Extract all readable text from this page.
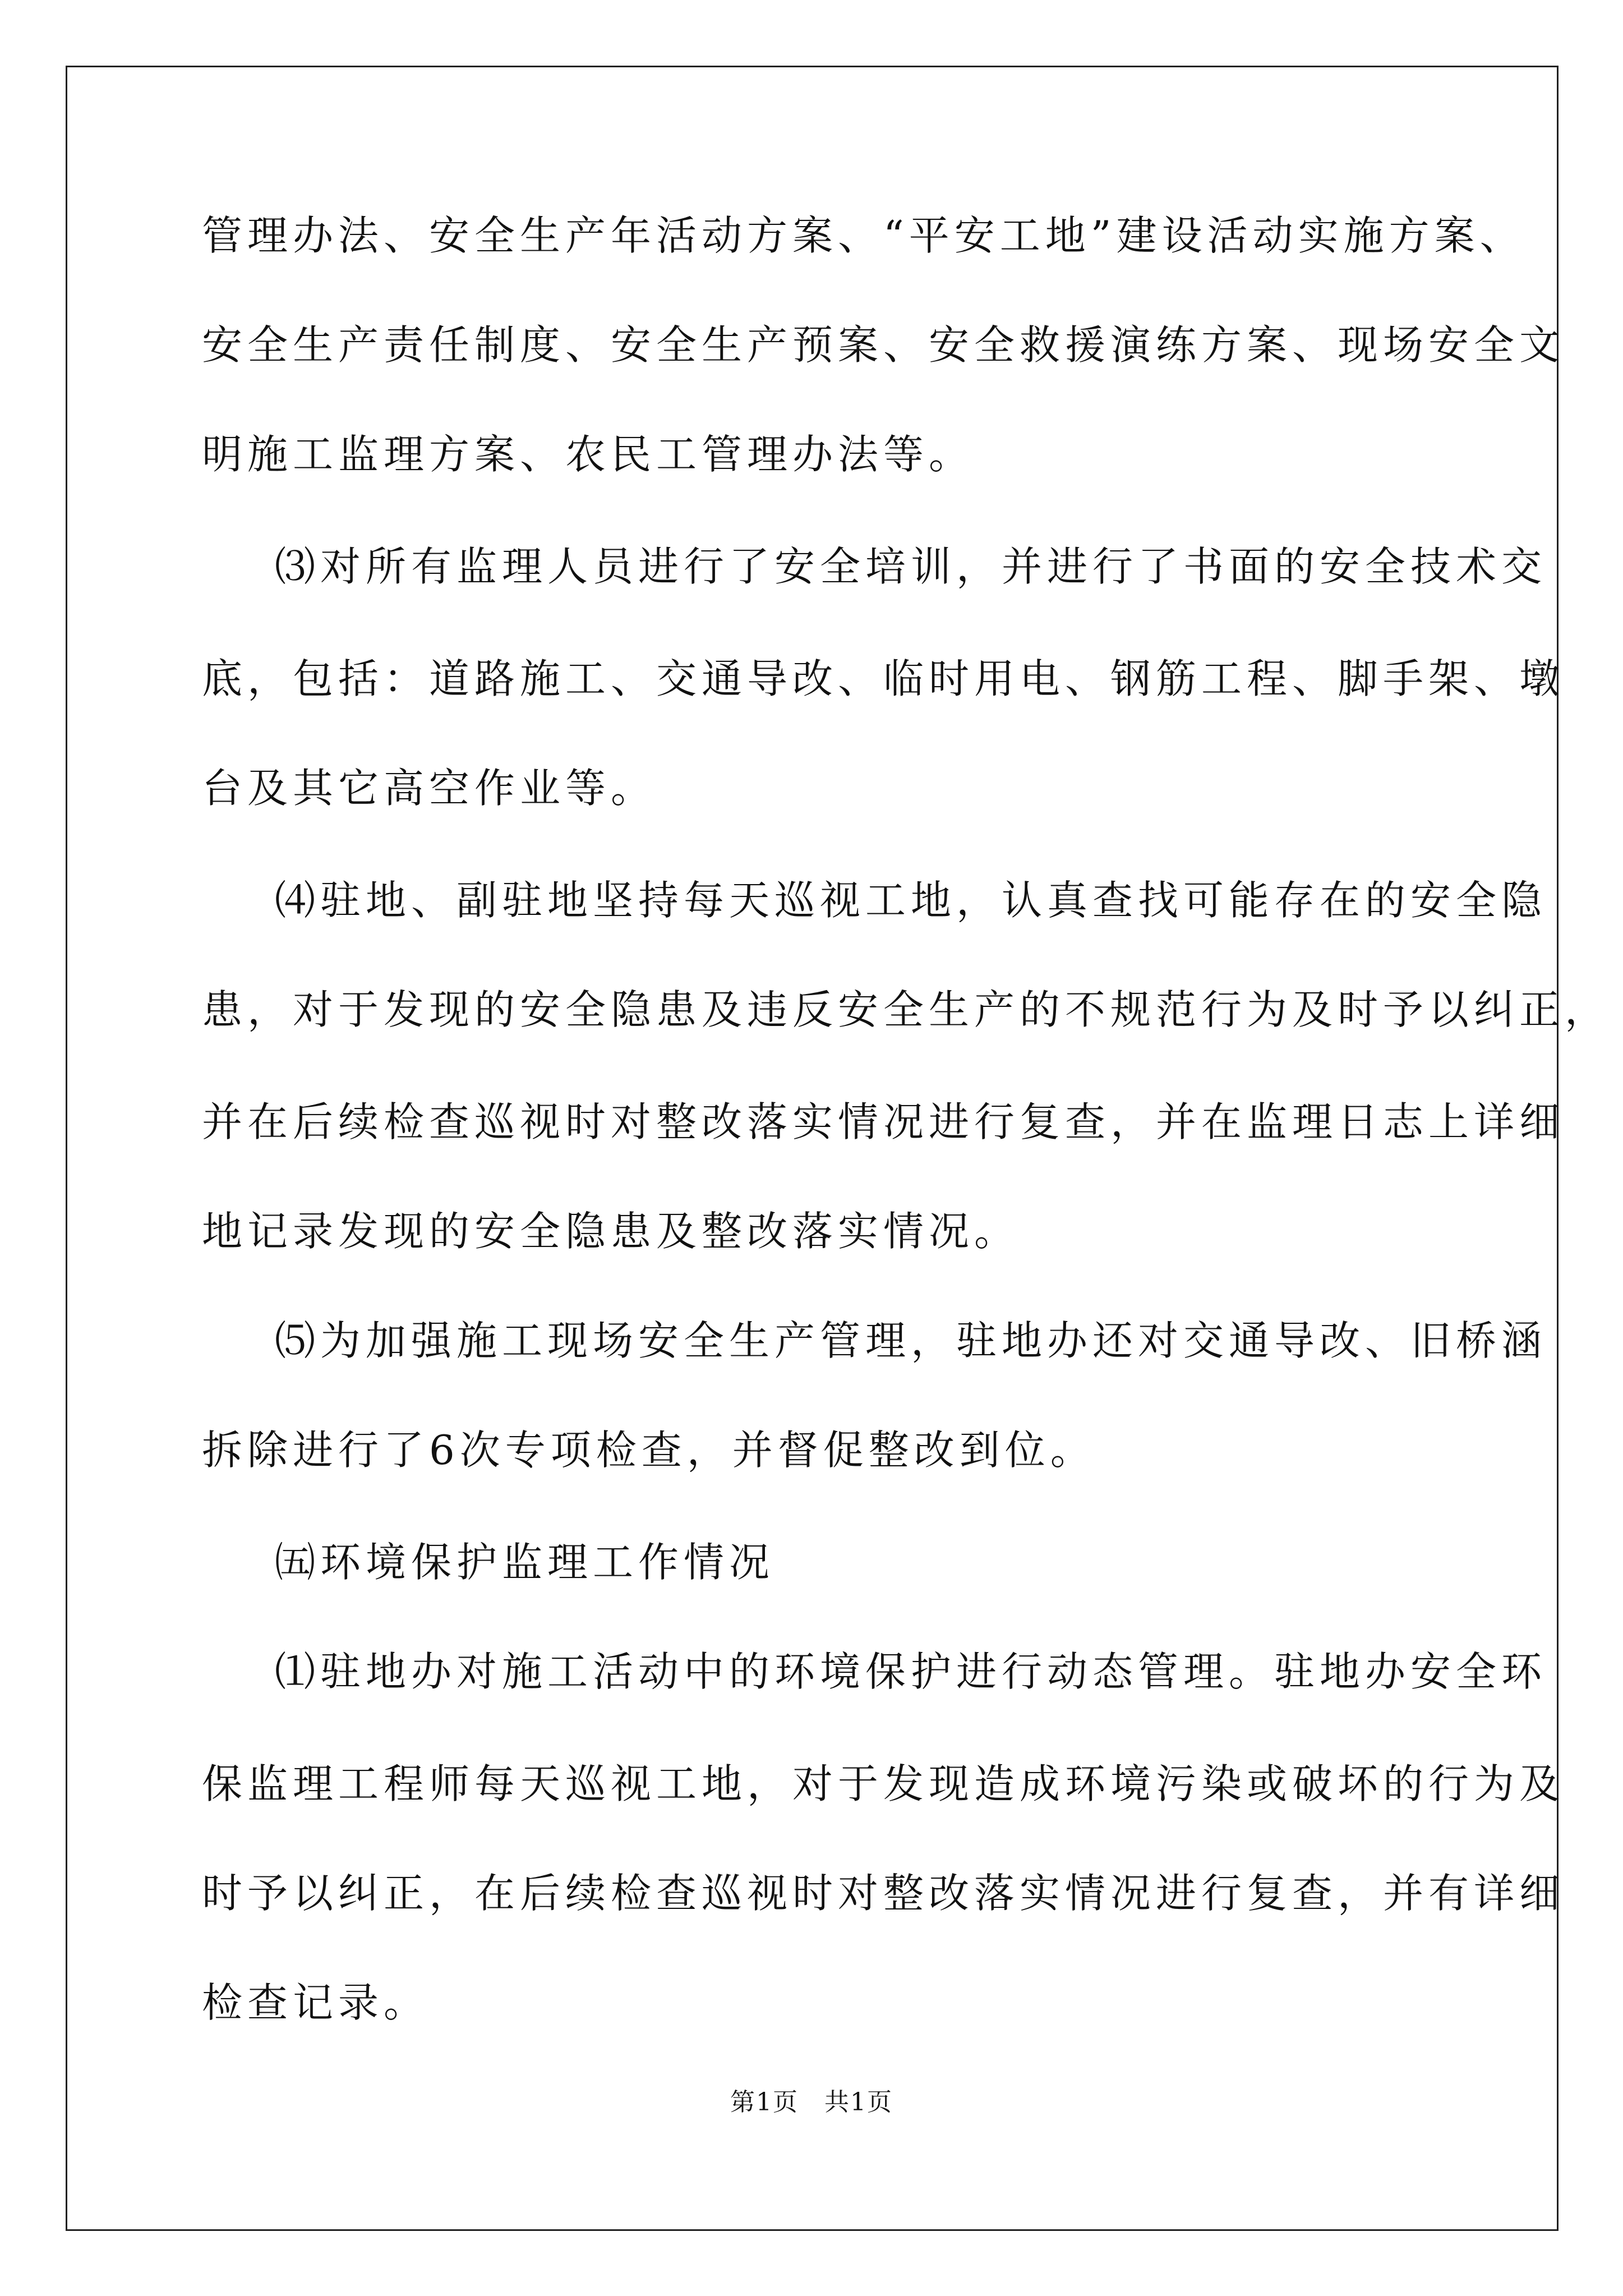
管理办法、安全生产年活动方案、“平安工地”建设活动实施方案、
安全生产责任制度、安全生产预案、安全救援演练方案、现场安全文
明施工监理方案、农民工管理办法等。
⑶对所有监理人员进行了安全培训，并进行了书面的安全技术交
底，包括：道路施工、交通导改、临时用电、钢筋工程、脚手架、墩
台及其它高空作业等。
⑷驻地、副驻地坚持每天巡视工地，认真查找可能存在的安全隐
患，对于发现的安全隐患及违反安全生产的不规范行为及时予以纠正，
并在后续检查巡视时对整改落实情况进行复查，并在监理日志上详细
地记录发现的安全隐患及整改落实情况。
⑸为加强施工现场安全生产管理，驻地办还对交通导改、旧桥涵
拆除进行了6次专项检查，并督促整改到位。
㈤环境保护监理工作情况
⑴驻地办对施工活动中的环境保护进行动态管理。驻地办安全环
保监理工程师每天巡视工地，对于发现造成环境污染或破坏的行为及
时予以纠正，在后续检查巡视时对整改落实情况进行复查，并有详细
检查记录。
第1页　共1页
